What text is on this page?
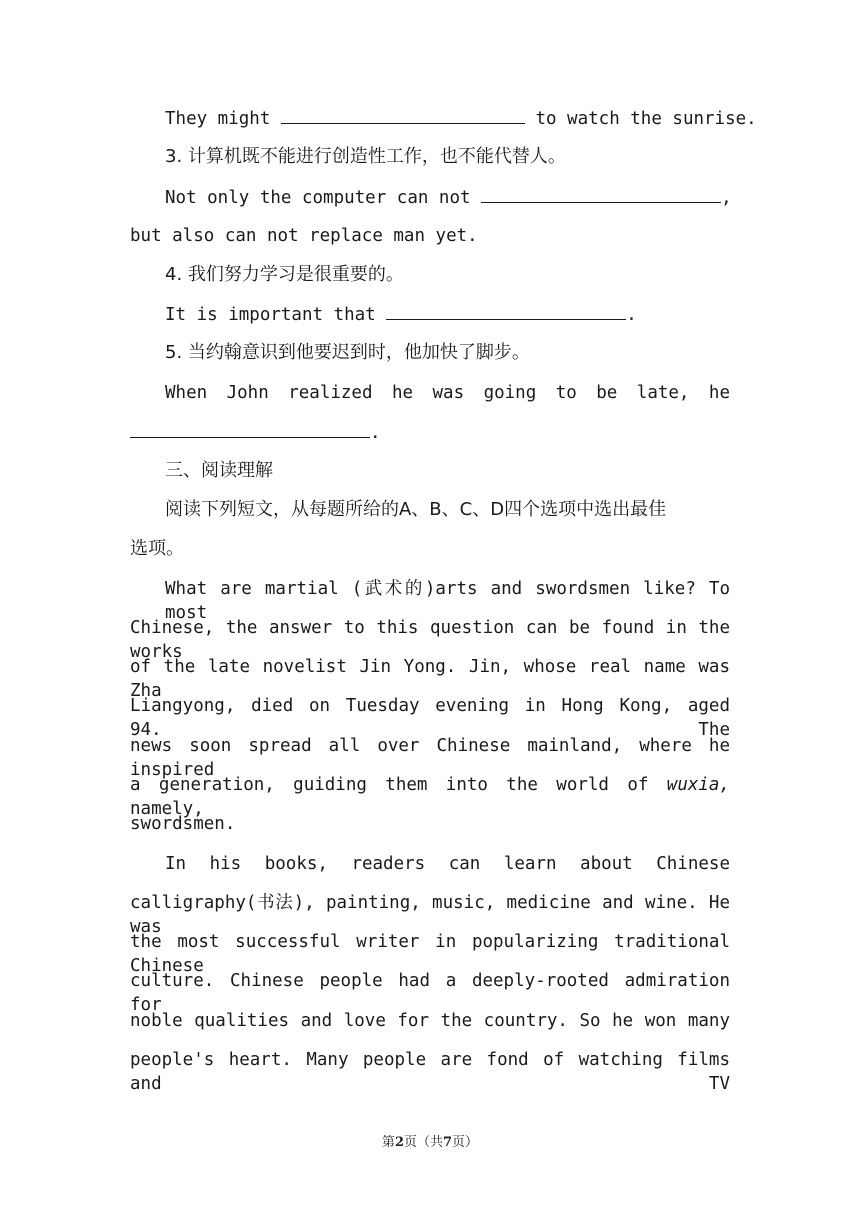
They might	to watch the sunrise.
3. 计算机既不能进行创造性工作，也不能代替人。
Not only the computer can not	,
but also can not replace man yet.
4. 我们努力学习是很重要的。
It is important that	.
5. 当约翰意识到他要迟到时，他加快了脚步。
When John realized he was going to be late, he
.
三、阅读理解
阅读下列短文，从每题所给的A、B、C、D四个选项中选出最佳
选项。
What are martial (武术的)arts and swordsmen like? To most
Chinese, the answer to this question can be found in the works
of the late novelist Jin Yong. Jin, whose real name was Zha
Liangyong, died on Tuesday evening in Hong Kong, aged 94. The
news soon spread all over Chinese mainland, where he inspired
a generation, guiding them into the world of wuxia, namely,
swordsmen.
In his books, readers can learn about Chinese
calligraphy(书法), painting, music, medicine and wine. He was
the most successful writer in popularizing traditional Chinese
culture. Chinese people had a deeply-rooted admiration for
noble qualities and love for the country. So he won many
people's heart. Many people are fond of watching films and TV
第2页（共7页）
